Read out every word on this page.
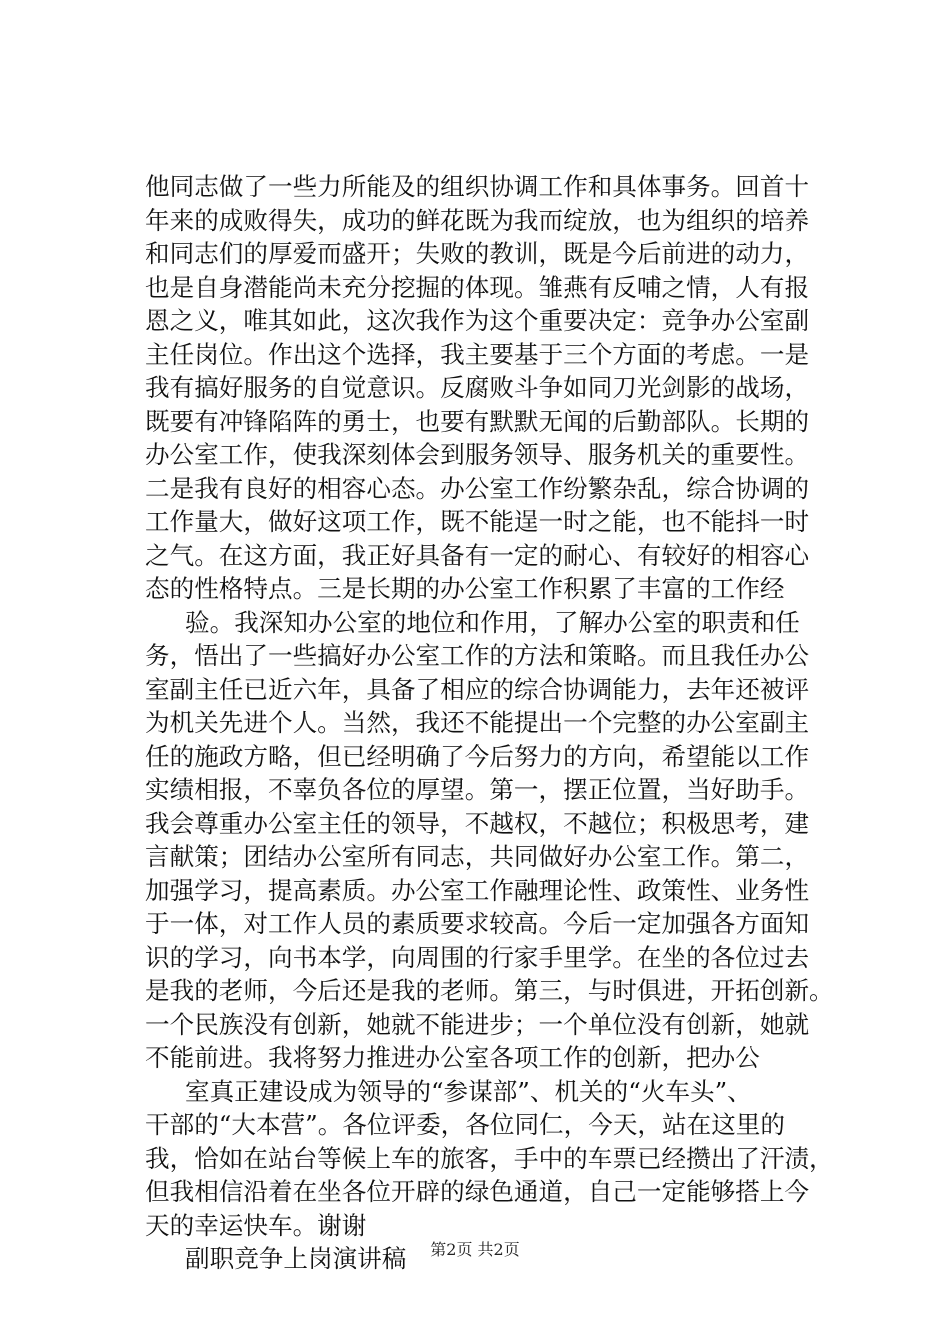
他同志做了一些力所能及的组织协调工作和具体事务。回首十
年来的成败得失，成功的鲜花既为我而绽放，也为组织的培养
和同志们的厚爱而盛开；失败的教训，既是今后前进的动力，
也是自身潜能尚未充分挖掘的体现。雏燕有反哺之情，人有报
恩之义，唯其如此，这次我作为这个重要决定：竞争办公室副
主任岗位。作出这个选择，我主要基于三个方面的考虑。一是
我有搞好服务的自觉意识。反腐败斗争如同刀光剑影的战场，
既要有冲锋陷阵的勇士，也要有默默无闻的后勤部队。长期的
办公室工作，使我深刻体会到服务领导、服务机关的重要性。
二是我有良好的相容心态。办公室工作纷繁杂乱，综合协调的
工作量大，做好这项工作，既不能逞一时之能，也不能抖一时
之气。在这方面，我正好具备有一定的耐心、有较好的相容心
态的性格特点。三是长期的办公室工作积累了丰富的工作经
验。我深知办公室的地位和作用，了解办公室的职责和任
务，悟出了一些搞好办公室工作的方法和策略。而且我任办公
室副主任已近六年，具备了相应的综合协调能力，去年还被评
为机关先进个人。当然，我还不能提出一个完整的办公室副主
任的施政方略，但已经明确了今后努力的方向，希望能以工作
实绩相报，不辜负各位的厚望。第一，摆正位置，当好助手。
我会尊重办公室主任的领导，不越权，不越位；积极思考，建
言献策；团结办公室所有同志，共同做好办公室工作。第二，
加强学习，提高素质。办公室工作融理论性、政策性、业务性
于一体，对工作人员的素质要求较高。今后一定加强各方面知
识的学习，向书本学，向周围的行家手里学。在坐的各位过去
是我的老师，今后还是我的老师。第三，与时俱进，开拓创新。
一个民族没有创新，她就不能进步；一个单位没有创新，她就
不能前进。我将努力推进办公室各项工作的创新，把办公
室真正建设成为领导的“参谋部”、机关的“火车头”、
干部的“大本营”。各位评委，各位同仁，今天，站在这里的
我，恰如在站台等候上车的旅客，手中的车票已经攒出了汗渍，
但我相信沿着在坐各位开辟的绿色通道，自己一定能够搭上今
天的幸运快车。谢谢
副职竞争上岗演讲稿	第2页 共2页
